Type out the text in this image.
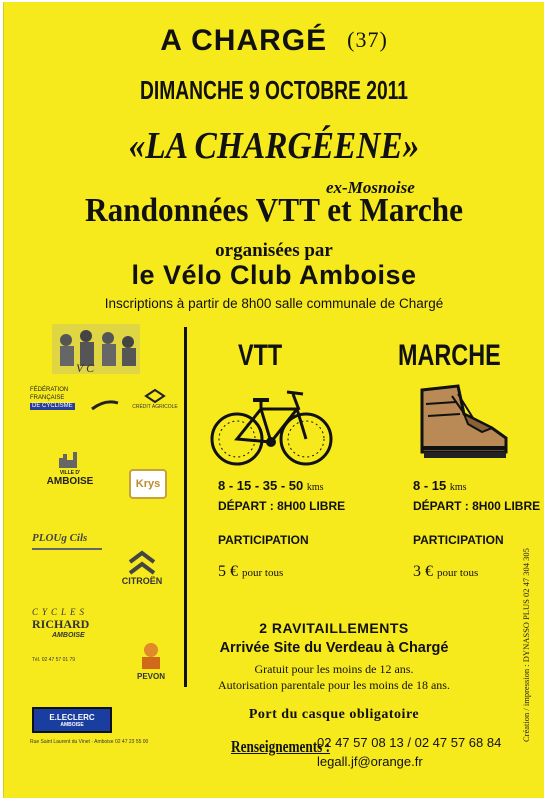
A CHARGÉ (37)
DIMANCHE 9 OCTOBRE 2011
«LA CHARGÉENE»
ex-Mosnoise
Randonnées VTT et Marche
organisées par
le Vélo Club Amboise
Inscriptions à partir de 8h00 salle communale de Chargé
V C
FÉDÉRATION
FRANÇAISE
DE CYCLISME	CRÉDIT AGRICOLE
VILLE D'
AMBOISE	Krys
PLOUg Cils
CITROËN
CYCLES
RICHARD
AMBOISE
Tél. 02 47 57 01 79
PEVON
E.LECLERC
AMBOISE
Rue Saint Laurent du Vinet · Amboise 02 47 23 55 00
VTT
8 - 15 - 35 - 50 kms
DÉPART : 8H00 LIBRE
PARTICIPATION
5 € pour tous
MARCHE
8 - 15 kms
DÉPART : 8H00 LIBRE
PARTICIPATION
3 € pour tous
2 RAVITAILLEMENTS
Arrivée Site du Verdeau à Chargé
Gratuit pour les moins de 12 ans.
Autorisation parentale pour les moins de 18 ans.
Port du casque obligatoire
Renseignements :
02 47 57 08 13 / 02 47 57 68 84
legall.jf@orange.fr
Création / impression : DYNASSO PLUS 02 47 304 305
